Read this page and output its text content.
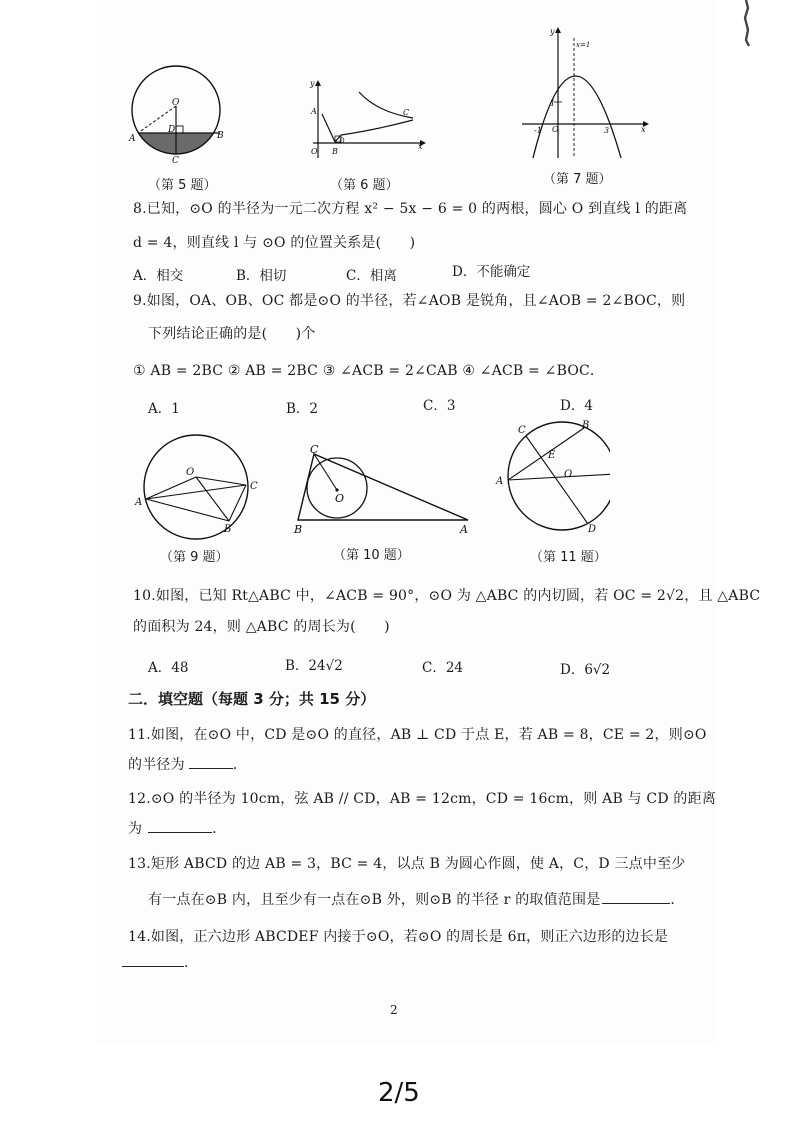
O
A	B
C
D
（第 5 题）
y
A	C
O B
D
x
（第 6 题）
y
x
x=1
1
-1 O	3
（第 7 题）
8.已知，⊙O 的半径为一元二次方程 x² − 5x − 6 = 0 的两根，圆心 O 到直线 l 的距离
d = 4，则直线 l 与 ⊙O 的位置关系是(　　)
A．相交	B．相切	C．相离	D．不能确定
9.如图，OA、OB、OC 都是⊙O 的半径，若∠AOB 是锐角，且∠AOB = 2∠BOC，则
下列结论正确的是(　　)个
① AB = 2BC ② AB = 2BC ③ ∠ACB = 2∠CAB ④ ∠ACB = ∠BOC．
A．1	B．2	C．3	D．4
O
A
B
C
（第 9 题）
C
O
B	A
（第 10 题）
C	B
E
A
O
D
（第 11 题）
10.如图，已知 Rt△ABC 中，∠ACB = 90°，⊙O 为 △ABC 的内切圆，若 OC = 2√2，且 △ABC
的面积为 24，则 △ABC 的周长为(　　)
A．48	B．24√2	C．24	D．6√2
二．填空题（每题 3 分；共 15 分）
11.如图，在⊙O 中，CD 是⊙O 的直径，AB ⊥ CD 于点 E，若 AB = 8，CE = 2，则⊙O
的半径为	．
12.⊙O 的半径为 10cm，弦 AB // CD，AB = 12cm，CD = 16cm，则 AB 与 CD 的距离
为	．
13.矩形 ABCD 的边 AB = 3，BC = 4，以点 B 为圆心作圆，使 A，C，D 三点中至少
有一点在⊙B 内，且至少有一点在⊙B 外，则⊙B 的半径 r 的取值范围是	．
14.如图，正六边形 ABCDEF 内接于⊙O，若⊙O 的周长是 6π，则正六边形的边长是
．
2
2/5
